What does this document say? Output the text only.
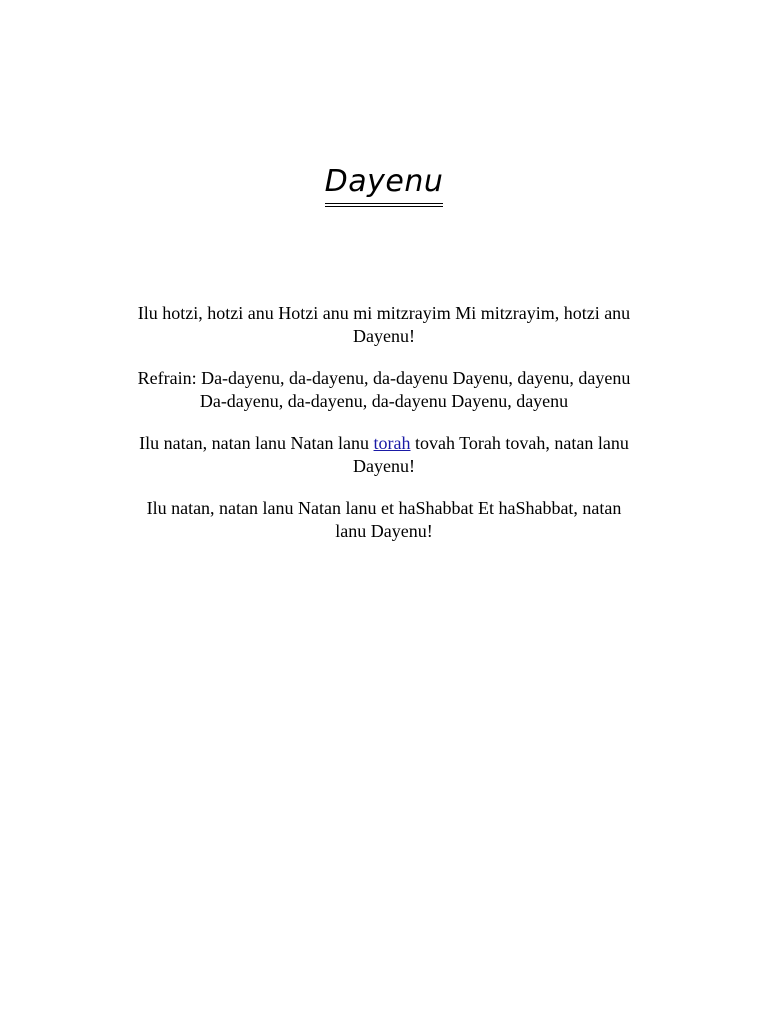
Dayenu

Ilu hotzi, hotzi anu Hotzi anu mi mitzrayim Mi mitzrayim, hotzi anu
Dayenu!

Refrain: Da-dayenu, da-dayenu, da-dayenu Dayenu, dayenu, dayenu
Da-dayenu, da-dayenu, da-dayenu Dayenu, dayenu

Ilu natan, natan lanu Natan lanu torah tovah Torah tovah, natan lanu
Dayenu!

Ilu natan, natan lanu Natan lanu et haShabbat Et haShabbat, natan
lanu Dayenu!
